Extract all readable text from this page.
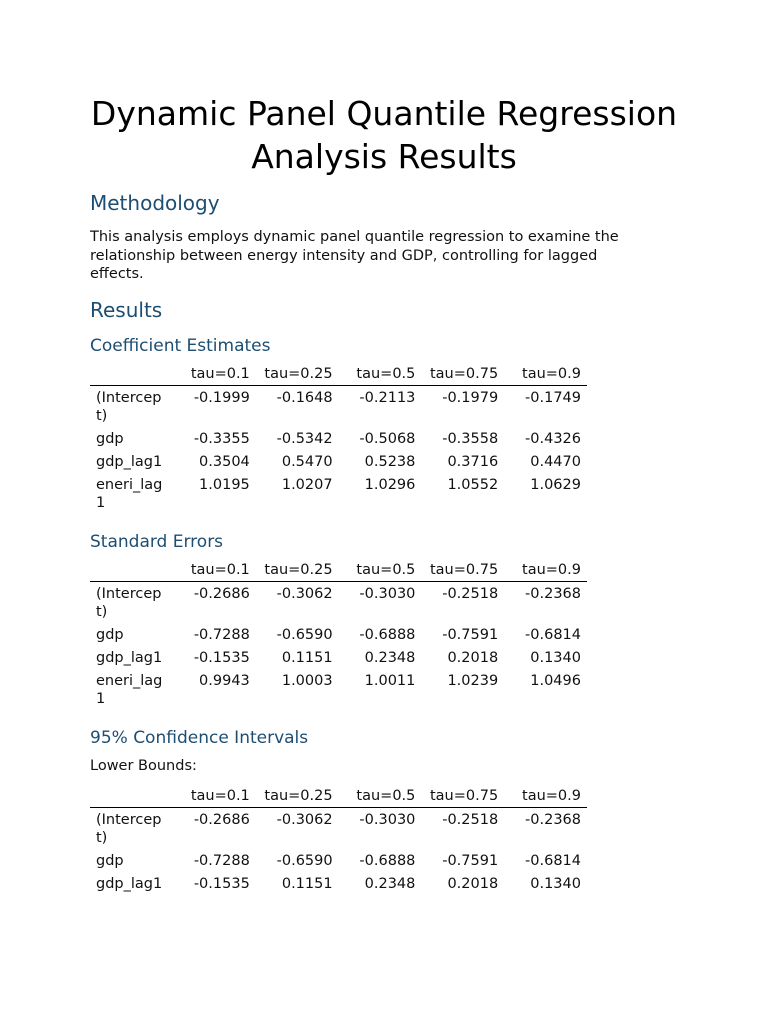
Dynamic Panel Quantile Regression Analysis Results
Methodology

This analysis employs dynamic panel quantile regression to examine the relationship between energy intensity and GDP, controlling for lagged effects.

Results
Coefficient Estimates
	tau=0.1	tau=0.25	tau=0.5	tau=0.75	tau=0.9
(Intercept)	-0.1999	-0.1648	-0.2113	-0.1979	-0.1749
gdp	-0.3355	-0.5342	-0.5068	-0.3558	-0.4326
gdp_lag1	0.3504	0.5470	0.5238	0.3716	0.4470
eneri_lag1	1.0195	1.0207	1.0296	1.0552	1.0629
Standard Errors
	tau=0.1	tau=0.25	tau=0.5	tau=0.75	tau=0.9
(Intercept)	-0.2686	-0.3062	-0.3030	-0.2518	-0.2368
gdp	-0.7288	-0.6590	-0.6888	-0.7591	-0.6814
gdp_lag1	-0.1535	0.1151	0.2348	0.2018	0.1340
eneri_lag1	0.9943	1.0003	1.0011	1.0239	1.0496
95% Confidence Intervals

Lower Bounds:

	tau=0.1	tau=0.25	tau=0.5	tau=0.75	tau=0.9
(Intercept)	-0.2686	-0.3062	-0.3030	-0.2518	-0.2368
gdp	-0.7288	-0.6590	-0.6888	-0.7591	-0.6814
gdp_lag1	-0.1535	0.1151	0.2348	0.2018	0.1340
